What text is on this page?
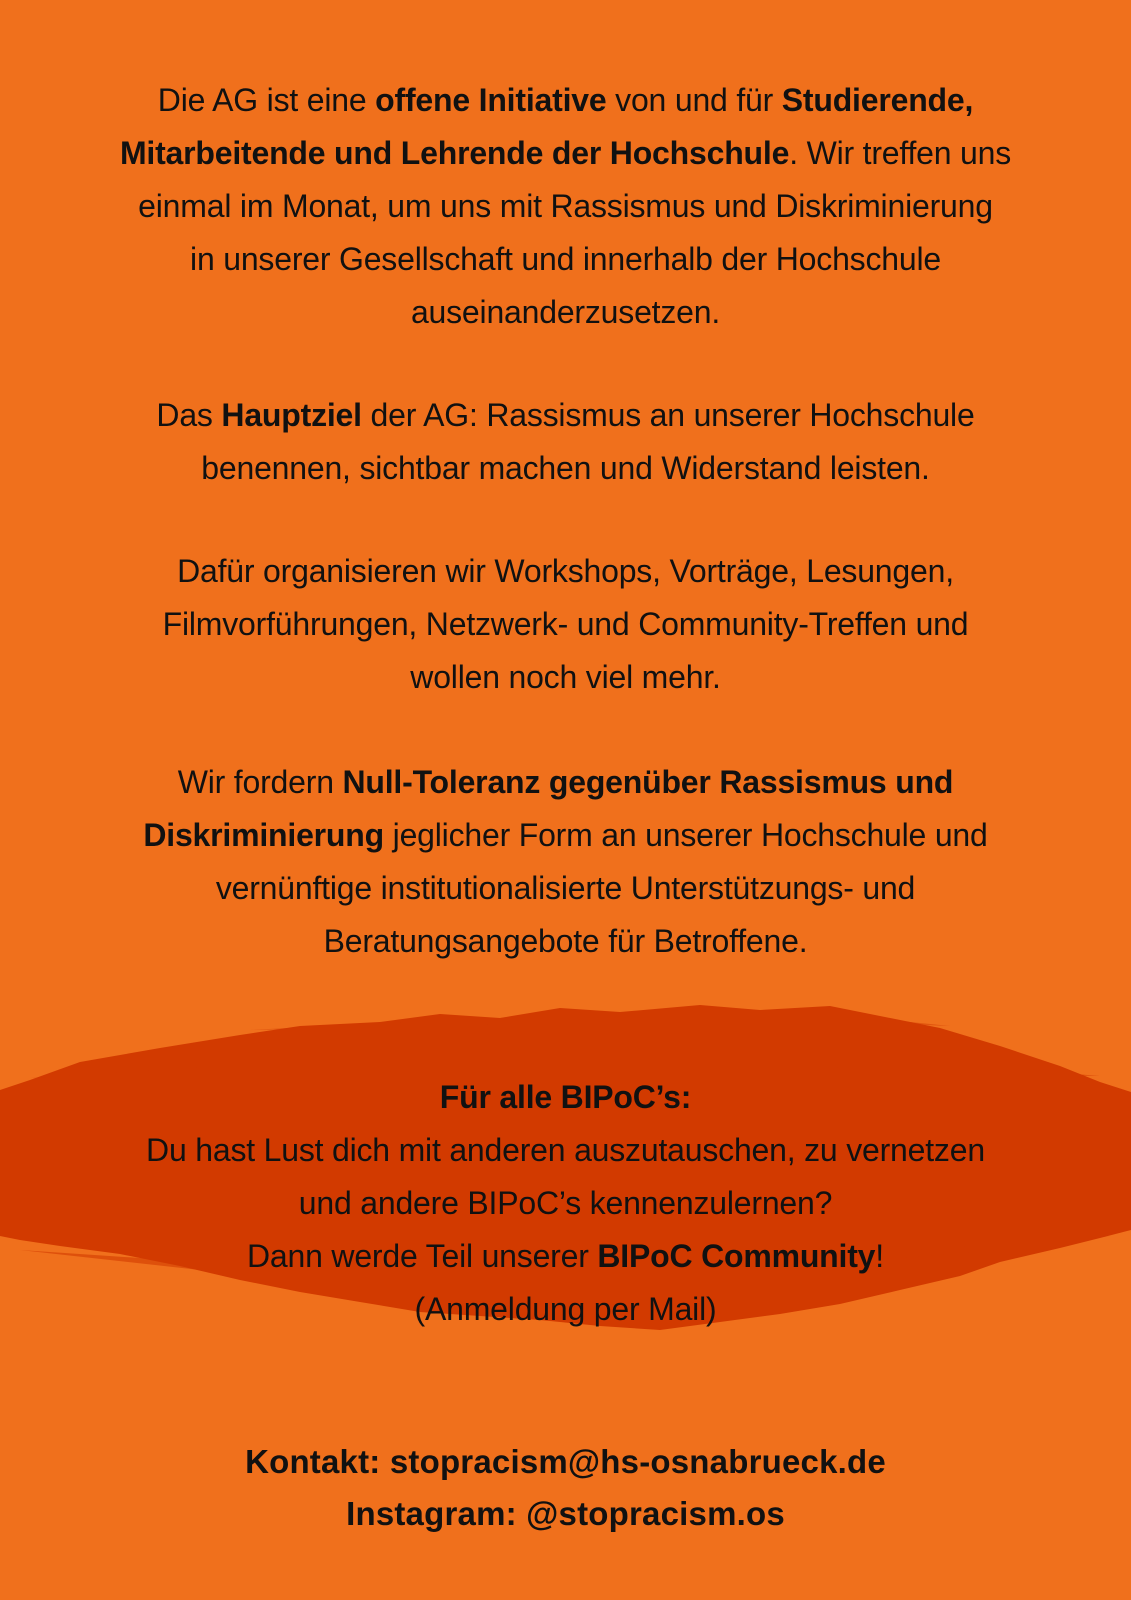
Die AG ist eine offene Initiative von und für Studierende,
Mitarbeitende und Lehrende der Hochschule. Wir treffen uns
einmal im Monat, um uns mit Rassismus und Diskriminierung
in unserer Gesellschaft und innerhalb der Hochschule
auseinanderzusetzen.
Das Hauptziel der AG: Rassismus an unserer Hochschule
benennen, sichtbar machen und Widerstand leisten.
Dafür organisieren wir Workshops, Vorträge, Lesungen,
Filmvorführungen, Netzwerk- und Community-Treffen und
wollen noch viel mehr.
Wir fordern Null-Toleranz gegenüber Rassismus und
Diskriminierung jeglicher Form an unserer Hochschule und
vernünftige institutionalisierte Unterstützungs- und
Beratungsangebote für Betroffene.
Für alle BIPoC’s:
Du hast Lust dich mit anderen auszutauschen, zu vernetzen
und andere BIPoC’s kennenzulernen?
Dann werde Teil unserer BIPoC Community!
(Anmeldung per Mail)
Kontakt: stopracism@hs-osnabrueck.de
Instagram: @stopracism.os
